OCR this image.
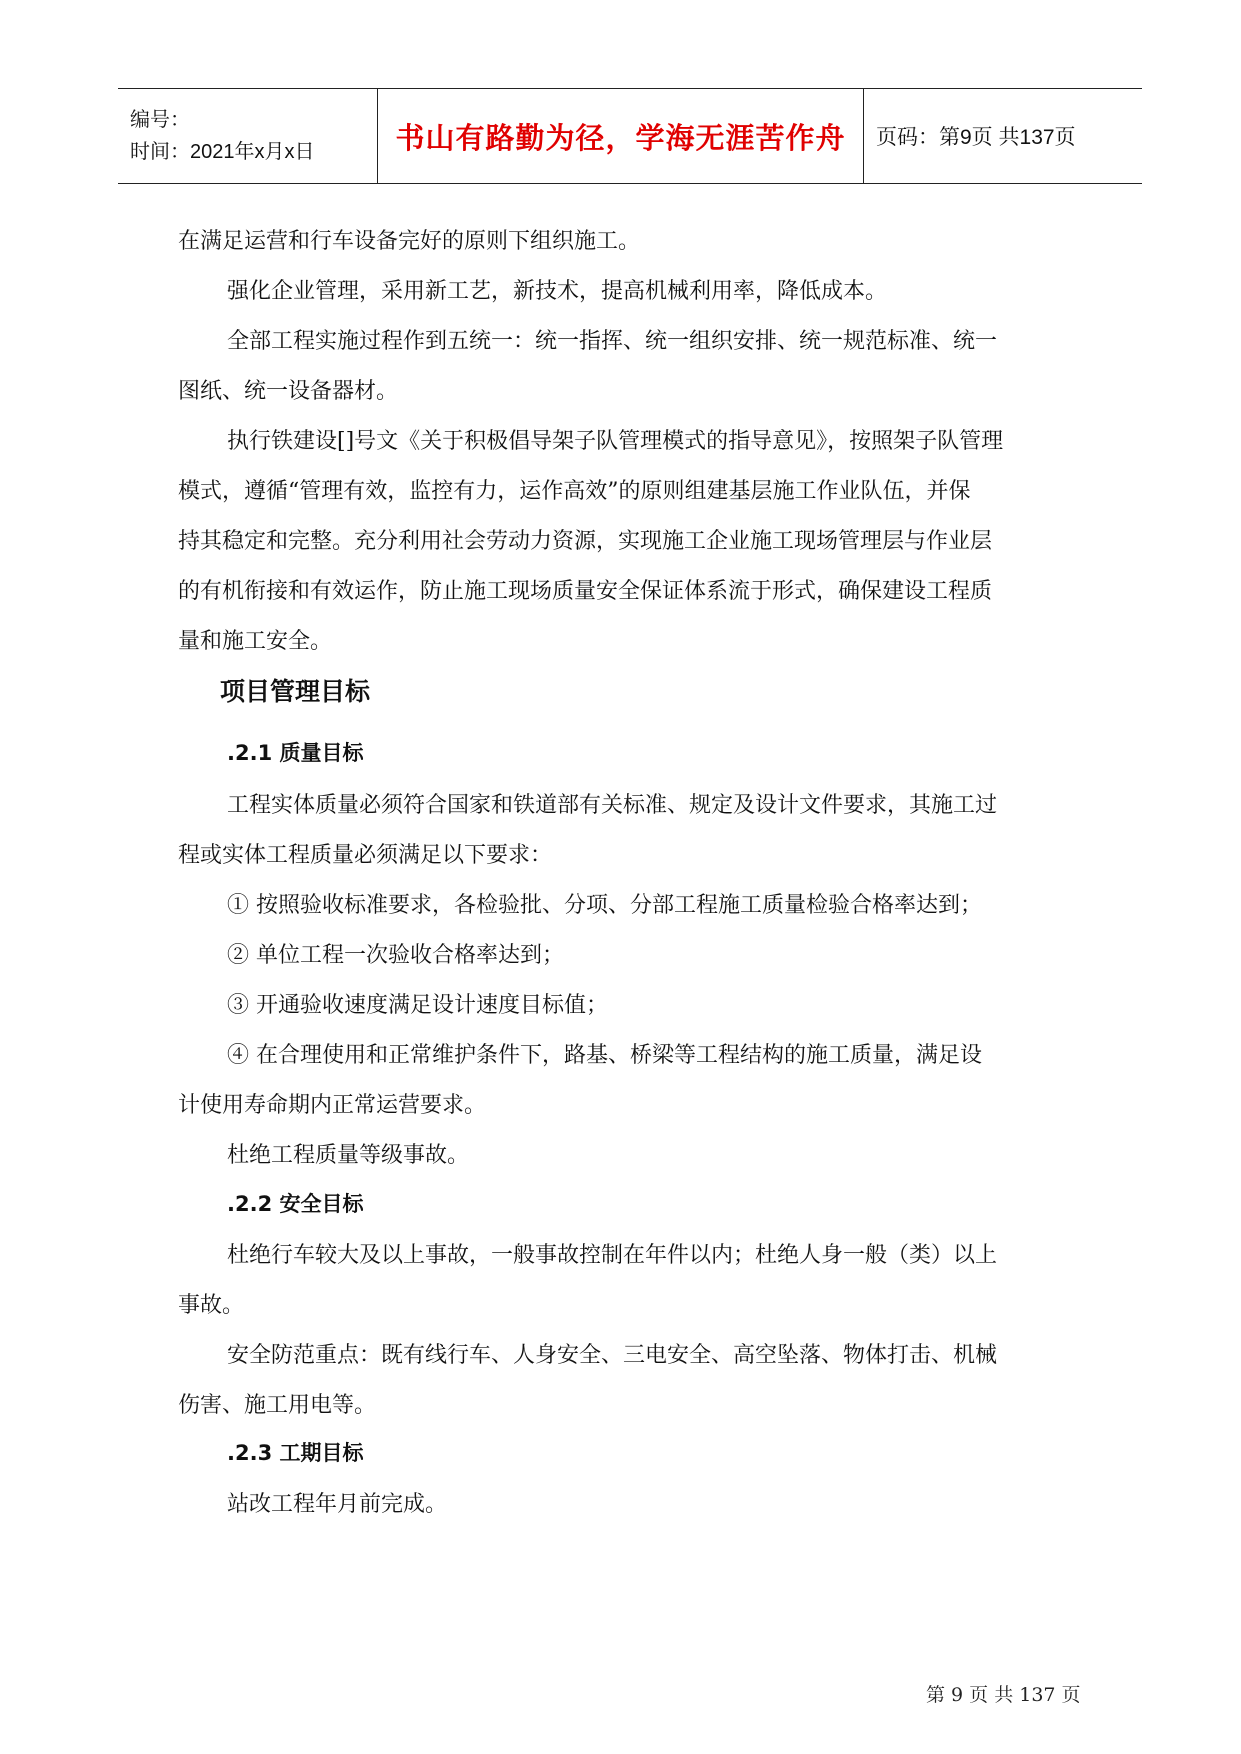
编号：
时间：2021年x月x日	书山有路勤为径，学海无涯苦作舟 页码：第9页 共137页
在满足运营和行车设备完好的原则下组织施工。
强化企业管理，采用新工艺，新技术，提高机械利用率，降低成本。
全部工程实施过程作到五统一：统一指挥、统一组织安排、统一规范标准、统一
图纸、统一设备器材。
执行铁建设[]号文《关于积极倡导架子队管理模式的指导意见》，按照架子队管理
模式，遵循“管理有效，监控有力，运作高效”的原则组建基层施工作业队伍，并保
持其稳定和完整。充分利用社会劳动力资源，实现施工企业施工现场管理层与作业层
的有机衔接和有效运作，防止施工现场质量安全保证体系流于形式，确保建设工程质
量和施工安全。
项目管理目标
.2.1 质量目标
工程实体质量必须符合国家和铁道部有关标准、规定及设计文件要求，其施工过
程或实体工程质量必须满足以下要求：
① 按照验收标准要求，各检验批、分项、分部工程施工质量检验合格率达到；
② 单位工程一次验收合格率达到；
③ 开通验收速度满足设计速度目标值；
④ 在合理使用和正常维护条件下，路基、桥梁等工程结构的施工质量，满足设
计使用寿命期内正常运营要求。
杜绝工程质量等级事故。
.2.2 安全目标
杜绝行车较大及以上事故，一般事故控制在年件以内；杜绝人身一般（类）以上
事故。
安全防范重点：既有线行车、人身安全、三电安全、高空坠落、物体打击、机械
伤害、施工用电等。
.2.3 工期目标
站改工程年月前完成。
第 9 页 共 137 页
